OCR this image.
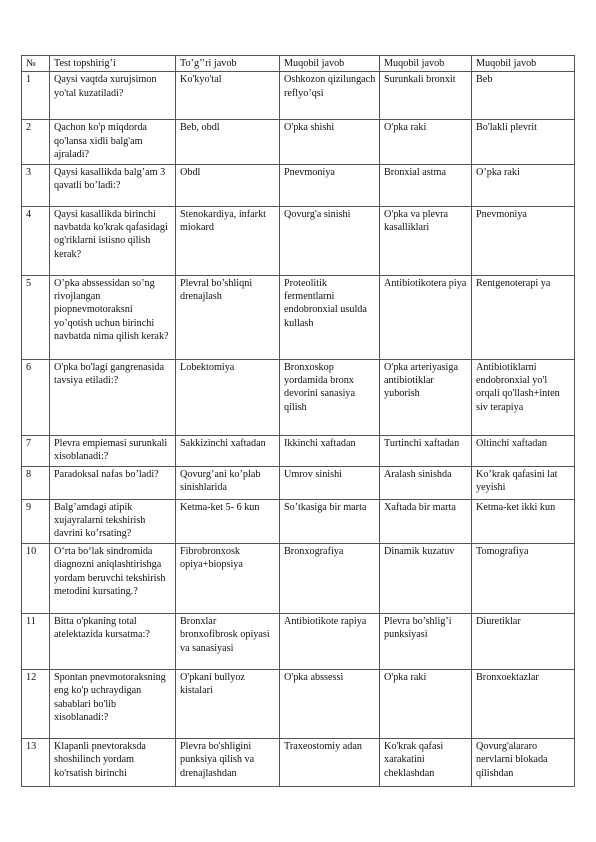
№	Test topshirig’i	To’g’’ri javob	Muqobil javob	Muqobil javob	Muqobil javob
1	Qaysi vaqtda xurujsimon yo'tal kuzatiladi?	Ko'kyo'tal	Oshkozon qizilungach reflyo’qsi	Surunkali bronxit	Beb
2	Qachon ko'p miqdorda qo'lansa xidli balg'am ajraladi?	Beb, obdl	O'pka shishi	O'pka raki	Bo'lakli plevrit
3	Qaysi kasallikda balg’am 3 qavatli bo’ladi:?	Obdl	Pnevmoniya	Bronxial astma	O’pka raki
4	Qaysi kasallikda birinchi navbatda ko'krak qafasidagi og'riklarni istisno qilish kerak?	Stenokardiya, infarkt miokard	Qovurg'a sinishi	O'pka va plevra kasalliklari	Pnevmoniya
5	O’pka abssessidan so’ng rivojlangan piopnevmotoraksni yo’qotish uchun birinchi navbatda nima qilish kerak?	Plevral bo’shliqni drenajlash	Proteolitik fermentlarni endobronxial usulda kullash	Antibiotikotera piya	Rentgenoterapi ya
6	O'pka bo'lagi gangrenasida tavsiya etiladi:?	Lobektomiya	Bronxoskop yordamida bronx devorini sanasiya qilish	O'pka arteriyasiga antibiotiklar yuborish	Antibiotiklarni endobronxial yo'l orqali qo'llash+inten siv terapiya
7	Plevra empiemasi surunkali xisoblanadi:?	Sakkizinchi xaftadan	Ikkinchi xaftadan	Turtinchi xaftadan	Oltinchi xaftadan
8	Paradoksal nafas bo’ladi?	Qovurg’ani ko’plab sinishlarida	Umrov sinishi	Aralash sinishda	Ko’krak qafasini lat yeyishi
9	Balg’amdagi atipik xujayralarni tekshirish davrini ko’rsating?	Ketma-ket 5- 6 kun	So’tkasiga bir marta	Xaftada bir marta	Ketma-ket ikki kun
10	O‘rta bo‘lak sindromida diagnozni aniqlashtirishga yordam beruvchi tekshirish metodini kursating.?	Fibrobronxosk opiya+biopsiya	Bronxografiya	Dinamik kuzatuv	Tomografiya
11	Bitta o'pkaning total atelektazida kursatma:?	Bronxlar bronxofibrosk opiyasi va sanasiyasi	Antibiotikote rapiya	Plevra bo’shlig’i punksiyasi	Diuretiklar
12	Spontan pnevmotoraksning eng ko'p uchraydigan sabablari bo'lib xisoblanadi:?	O'pkani bullyoz kistalari	O'pka abssessi	O'pka raki	Bronxoektazlar
13	Klapanli pnevtoraksda shoshilinch yordam ko'rsatish birinchi	Plevra bo'shligini punksiya qilish va drenajlashdan	Traxeostomiy adan	Ko'krak qafasi xarakatini cheklashdan	Qovurg'alararo nervlarni blokada qilishdan
